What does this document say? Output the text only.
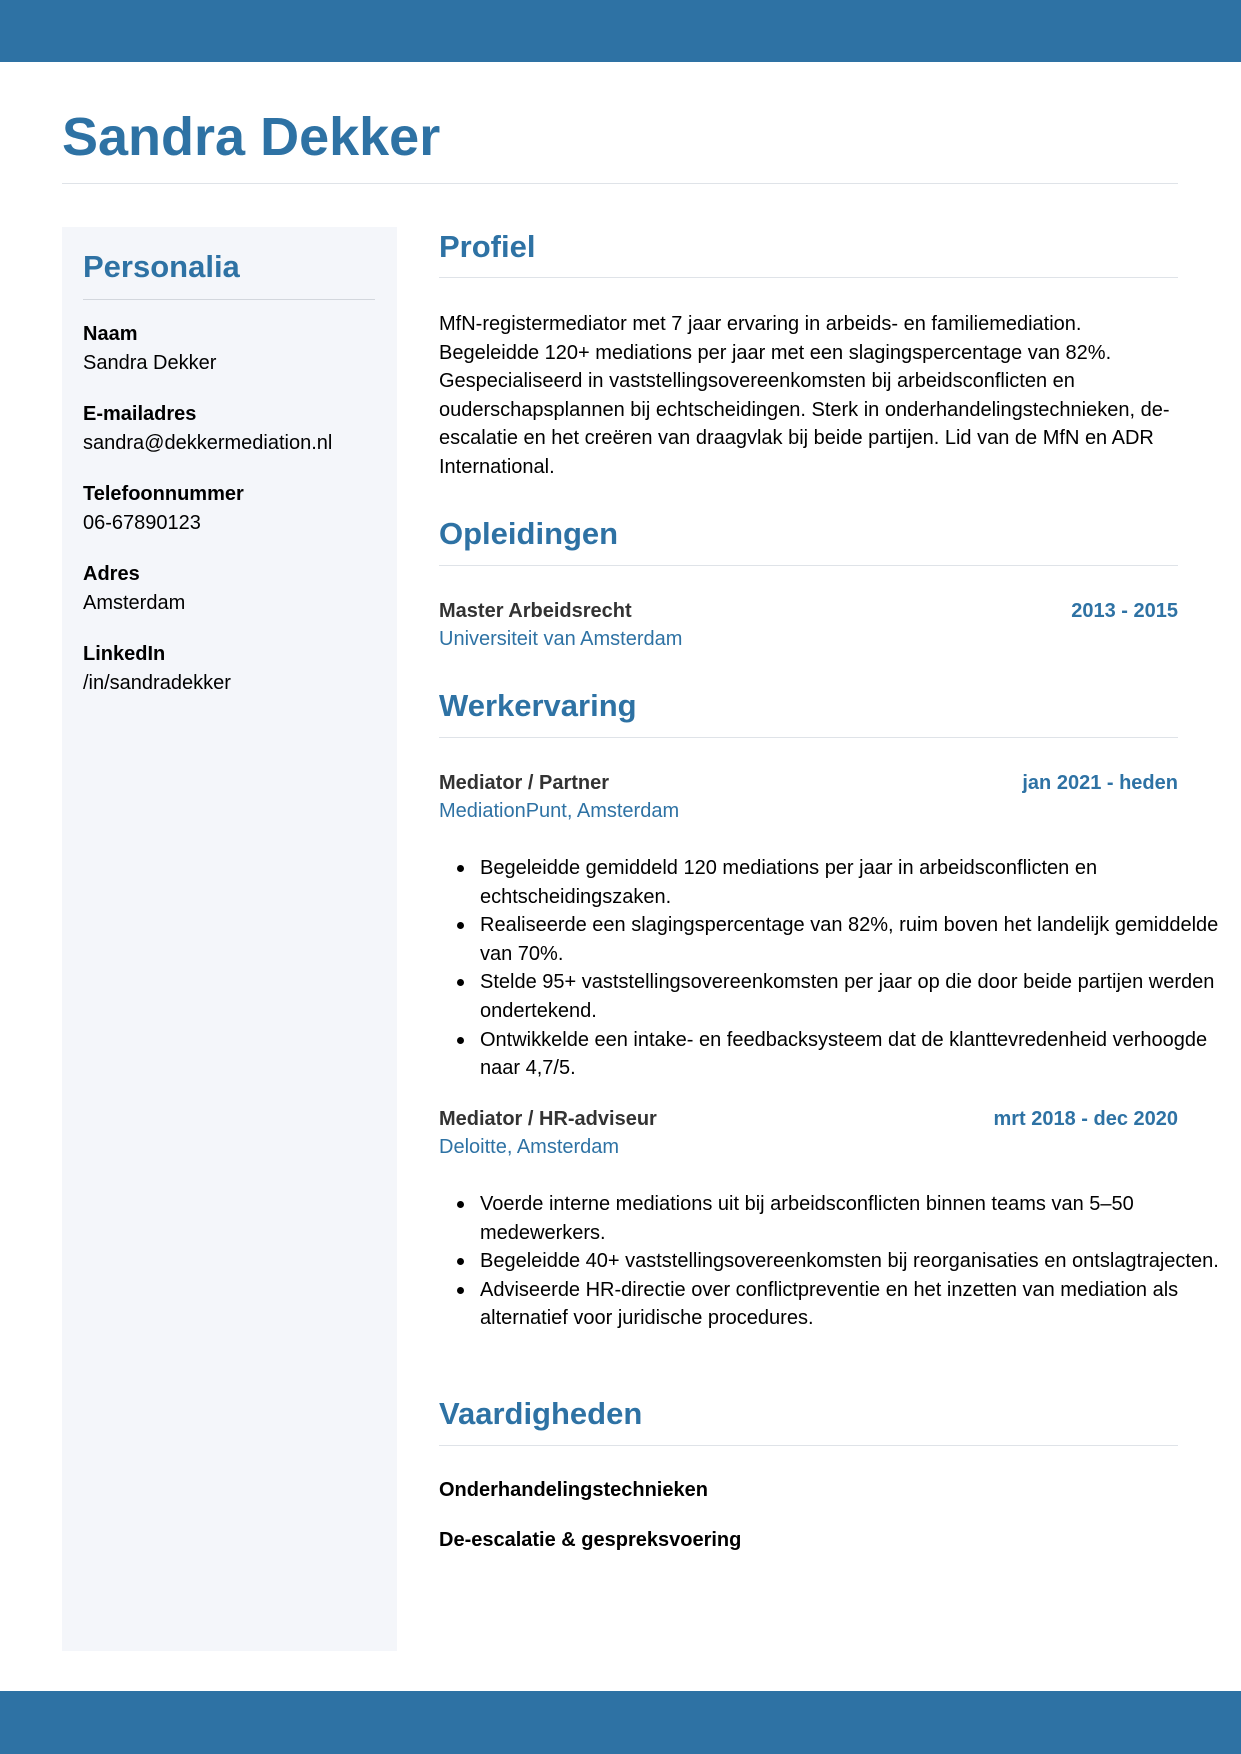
Sandra Dekker
Personalia
Naam
Sandra Dekker
E-mailadres
sandra@dekkermediation.nl
Telefoonnummer
06-67890123
Adres
Amsterdam
LinkedIn
/in/sandradekker
Profiel

MfN-registermediator met 7 jaar ervaring in arbeids- en familiemediation. Begeleidde 120+ mediations per jaar met een slagingspercentage van 82%. Gespecialiseerd in vaststellingsovereenkomsten bij arbeidsconflicten en ouderschapsplannen bij echtscheidingen. Sterk in onderhandelingstechnieken, de-escalatie en het creëren van draagvlak bij beide partijen. Lid van de MfN en ADR International.

Opleidingen
Master Arbeidsrecht	2013 - 2015
Universiteit van Amsterdam
Werkervaring
Mediator / Partner	jan 2021 - heden
MediationPunt, Amsterdam
Begeleidde gemiddeld 120 mediations per jaar in arbeidsconflicten en echtscheidingszaken.
Realiseerde een slagingspercentage van 82%, ruim boven het landelijk gemiddelde van 70%.
Stelde 95+ vaststellingsovereenkomsten per jaar op die door beide partijen werden ondertekend.
Ontwikkelde een intake- en feedbacksysteem dat de klanttevredenheid verhoogde naar 4,7/5.
Mediator / HR-adviseur	mrt 2018 - dec 2020
Deloitte, Amsterdam
Voerde interne mediations uit bij arbeidsconflicten binnen teams van 5–50 medewerkers.
Begeleidde 40+ vaststellingsovereenkomsten bij reorganisaties en ontslagtrajecten.
Adviseerde HR-directie over conflictpreventie en het inzetten van mediation als alternatief voor juridische procedures.
Vaardigheden
Onderhandelingstechnieken
De-escalatie & gespreksvoering
